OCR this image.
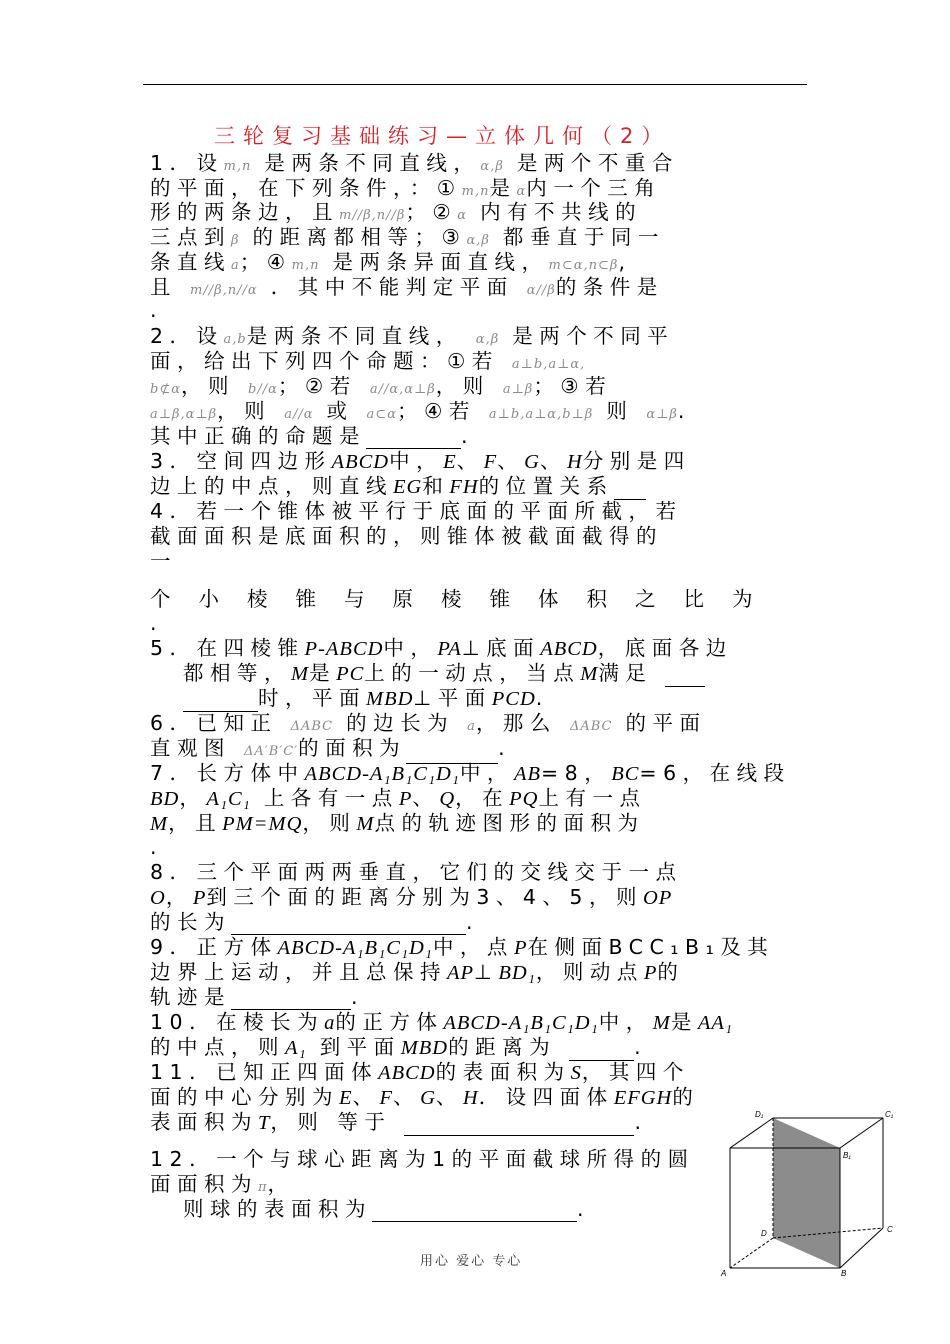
三轮复习基础练习—立体几何（2）
1．设m,n 是两条不同直线，α,β 是两个不重合
的平面，在下列条件，：①m,n是α内一个三角
形的两条边，且m//β,n//β；②α 内有不共线的
三点到β 的距离都相等；③α,β 都垂直于同一
条直线a；④m,n 是两条异面直线，m⊂α,n⊂β,
且 m//β,n//α ．其中不能判定平面 α//β的条件是
.
2．设a,b是两条不同直线， α,β 是两个不同平
面，给出下列四个命题：①若 a⊥b,a⊥α,
b⊄α，则 b//α；②若 a//α,α⊥β，则 a⊥β；③若
a⊥β,α⊥β，则 a//α 或 a⊂α；④若 a⊥b,a⊥α,b⊥β 则 α⊥β.
其中正确的命题是	.
3．空间四边形ABCD中，E、F、G、H分别是四
边上的中点，则直线EG和FH的位置关系
4．若一个锥体被平行于底面的平面所截，若
截面面积是底面积的，则锥体被截面截得的
一
个小棱锥与原棱锥体积之比为
.
5．在四棱锥P-ABCD中，PA⊥底面ABCD，底面各边
都相等，M是PC上的一动点，当点M满足
时，平面MBD⊥平面PCD.
6．已知正 ΔABC 的边长为 a，那么 ΔABC 的平面
直观图 ΔA′B′C′的面积为	.
7．长方体中ABCD-A₁B₁C₁D₁中，AB=8，BC=6，在线段
BD，A₁C₁ 上各有一点P、Q，在PQ上有一点
M，且PM=MQ，则M点的轨迹图形的面积为
.
8．三个平面两两垂直，它们的交线交于一点
O，P到三个面的距离分别为3、4、5，则OP
的长为	.
9．正方体ABCD-A₁B₁C₁D₁中，点P在侧面BCC₁B₁及其
边界上运动，并且总保持AP⊥BD₁，则动点P的
轨迹是	.
10．在棱长为a的正方体ABCD-A₁B₁C₁D₁中，M是AA₁
的中点，则A₁ 到平面MBD的距离为	.
11．已知正四面体ABCD的表面积为S，其四个
面的中心分别为E、F、G、H．设四面体EFGH的
表面积为T，则 等于	.
12．一个与球心距离为1的平面截球所得的圆
面面积为π，
则球的表面积为	.
D₁	C₁
B₁
D	C
A	B
用心 爱心 专心
